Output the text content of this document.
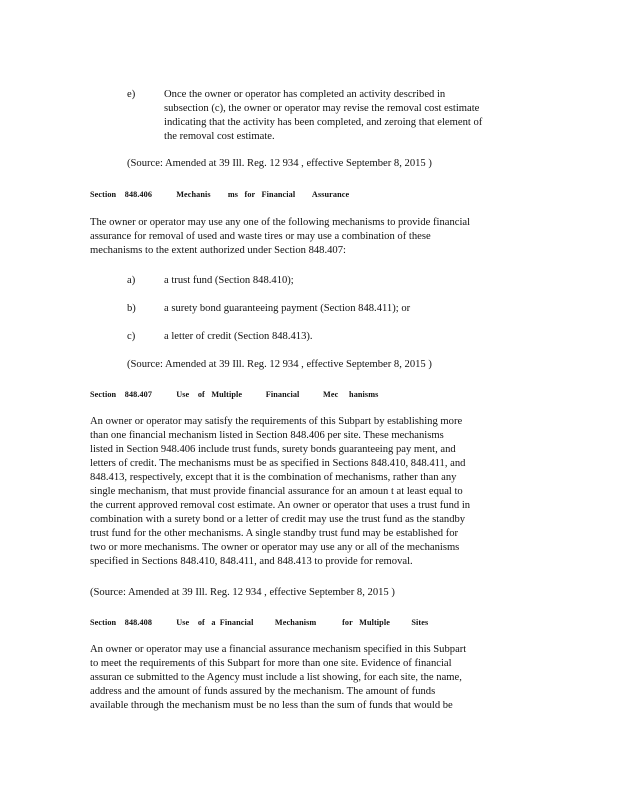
e)	Once the owner or operator has completed an activity described in
subsection (c), the owner or operator may revise the removal cost estimate
indicating that the activity has been completed, and zeroing that element of
the removal cost estimate.
(Source: Amended at 39 Ill. Reg. 12 934 , effective September 8, 2015 )
Section    848.406	Mechanis        ms   for   Financial        Assurance
The owner or operator may use any one of the following mechanisms to provide financial
assurance for removal of used and waste tires or may use a combination of these
mechanisms to the extent authorized under Section 848.407:
a)	a trust fund (Section 848.410);
b)	a surety bond guaranteeing payment (Section 848.411); or
c)	a letter of credit (Section 848.413).
(Source: Amended at 39 Ill. Reg. 12 934 , effective September 8, 2015 )
Section    848.407	Use    of   Multiple           Financial           Mec     hanisms
An owner or operator may satisfy the requirements of this Subpart by establishing more
than one financial mechanism listed in Section 848.406 per site. These mechanisms
listed in Section 948.406 include trust funds, surety bonds guaranteeing pay ment, and
letters of credit. The mechanisms must be as specified in Sections 848.410, 848.411, and
848.413, respectively, except that it is the combination of mechanisms, rather than any
single mechanism, that must provide financial assurance for an amoun t at least equal to
the current approved removal cost estimate. An owner or operator that uses a trust fund in
combination with a surety bond or a letter of credit may use the trust fund as the standby
trust fund for the other mechanisms. A single standby trust fund may be established for
two or more mechanisms. The owner or operator may use any or all of the mechanisms
specified in Sections 848.410, 848.411, and 848.413 to provide for removal.
(Source: Amended at 39 Ill. Reg. 12 934 , effective September 8, 2015 )
Section    848.408	Use    of   a  Financial          Mechanism            for   Multiple          Sites
An owner or operator may use a financial assurance mechanism specified in this Subpart
to meet the requirements of this Subpart for more than one site. Evidence of financial
assuran ce submitted to the Agency must include a list showing, for each site, the name,
address and the amount of funds assured by the mechanism. The amount of funds
available through the mechanism must be no less than the sum of funds that would be
